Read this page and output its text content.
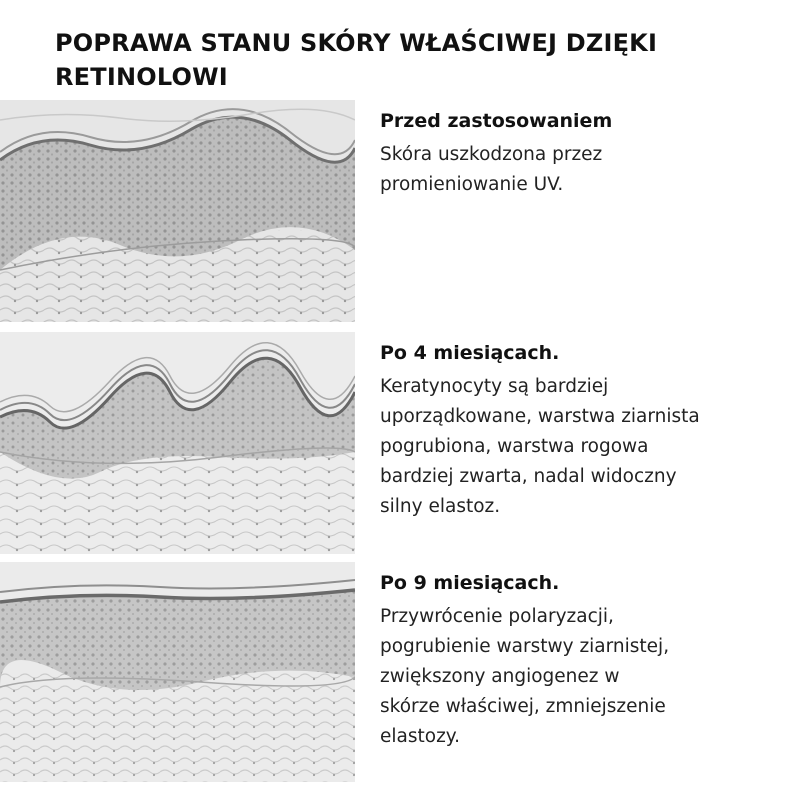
POPRAWA STANU SKÓRY WŁAŚCIWEJ DZIĘKI RETINOLOWI

Przed zastosowaniem

Skóra uszkodzona przez
promieniowanie UV.

Po 4 miesiącach.

Keratynocyty są bardziej
uporządkowane, warstwa ziarnista
pogrubiona, warstwa rogowa
bardziej zwarta, nadal widoczny
silny elastoz.

Po 9 miesiącach.

Przywrócenie polaryzacji,
pogrubienie warstwy ziarnistej,
zwiększony angiogenez w
skórze właściwej, zmniejszenie
elastozy.
